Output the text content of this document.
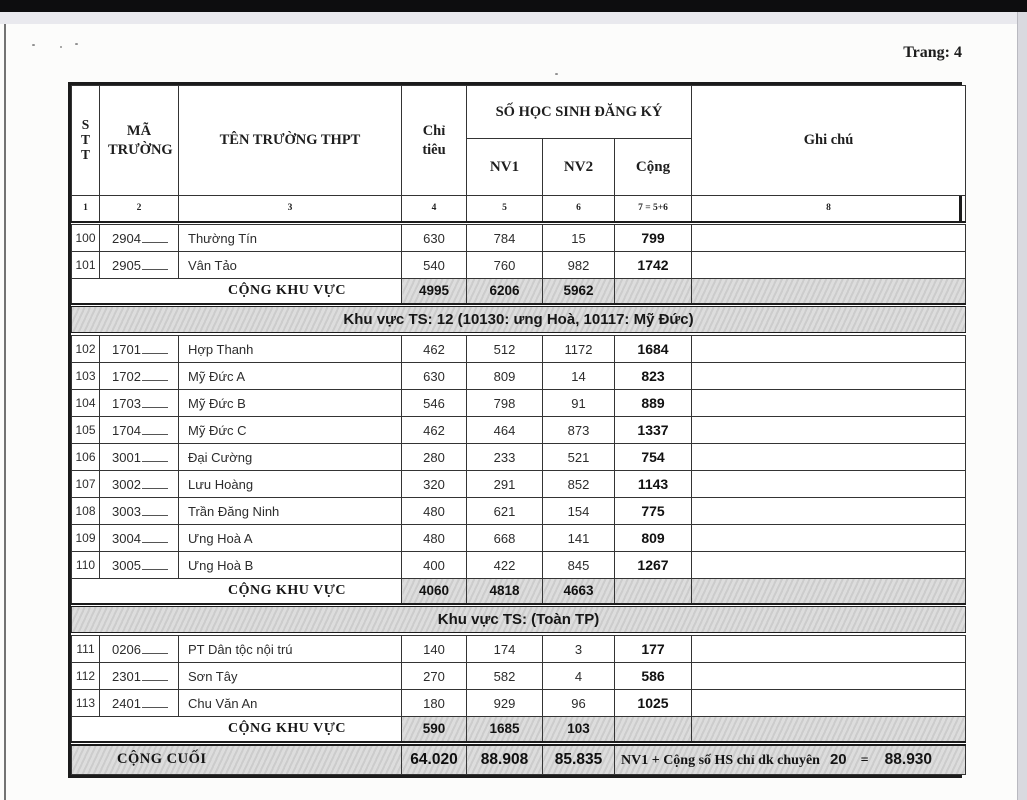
Trang: 4
S
T
T	MÃ TRƯỜNG	TÊN TRƯỜNG THPT	Chỉ tiêu	SỐ HỌC SINH ĐĂNG KÝ			Ghi chú
				NV1	NV2	Cộng	
1	2	3	4	5	6	7 = 5+6	8

100	2904	Thường Tín	630	784	15	799	
101	2905	Vân Tảo	540	760	982	1742	
CỘNG KHU VỰC			4995	6206	5962		

Khu vực TS: 12 (10130: ưng Hoà, 10117: Mỹ Đức)							

102	1701	Hợp Thanh	462	512	1172	1684	
103	1702	Mỹ Đức A	630	809	14	823	
104	1703	Mỹ Đức B	546	798	91	889	
105	1704	Mỹ Đức C	462	464	873	1337	
106	3001	Đại Cường	280	233	521	754	
107	3002	Lưu Hoàng	320	291	852	1143	
108	3003	Trần Đăng Ninh	480	621	154	775	
109	3004	Ưng Hoà A	480	668	141	809	
110	3005	Ưng Hoà B	400	422	845	1267	
CỘNG KHU VỰC			4060	4818	4663		

Khu vực TS: (Toàn TP)							

111	0206	PT Dân tộc nội trú	140	174	3	177	
112	2301	Sơn Tây	270	582	4	586	
113	2401	Chu Văn An	180	929	96	1025	
CỘNG KHU VỰC			590	1685	103		

CỘNG CUỐI			64.020	88.908	85.835	NV1 + Cộng số HS chỉ dk chuyên 20 = 88.930	
